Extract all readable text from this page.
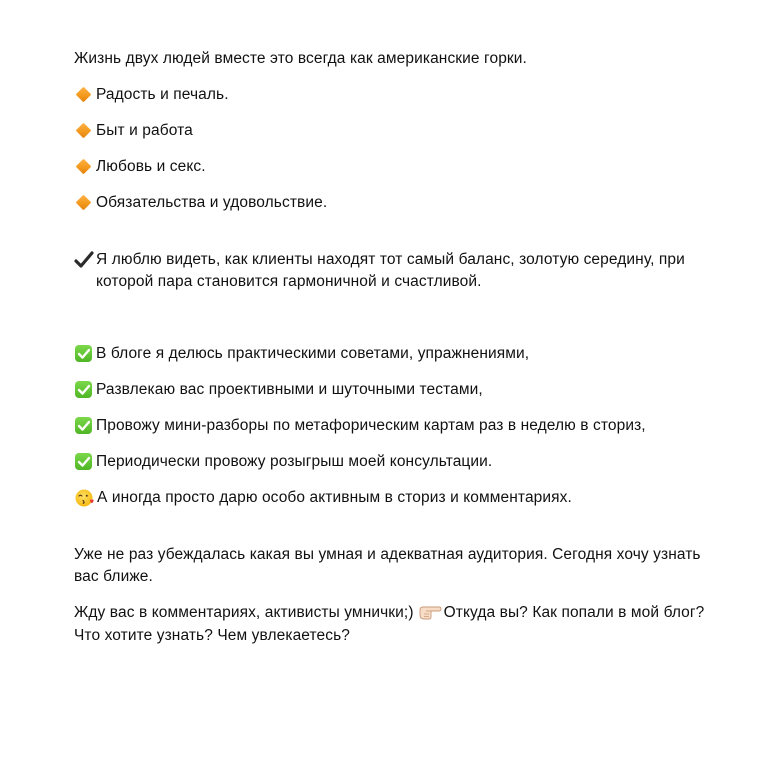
Жизнь двух людей вместе это всегда как американские горки.
Радость и печаль.
Быт и работа
Любовь и секс.
Обязательства и удовольствие.
Я люблю видеть, как клиенты находят тот самый баланс, золотую середину, при которой пара становится гармоничной и счастливой.
В блоге я делюсь практическими советами, упражнениями,
Развлекаю вас проективными и шуточными тестами,
Провожу мини-разборы по метафорическим картам раз в неделю в сториз,
Периодически провожу розыгрыш моей консультации.
А иногда просто дарю особо активным в сториз и комментариях.
Уже не раз убеждалась какая вы умная и адекватная аудитория. Сегодня хочу узнать вас ближе.
Жду вас в комментариях, активисты умнички;) Откуда вы? Как попали в мой блог? Что хотите узнать? Чем увлекаетесь?
